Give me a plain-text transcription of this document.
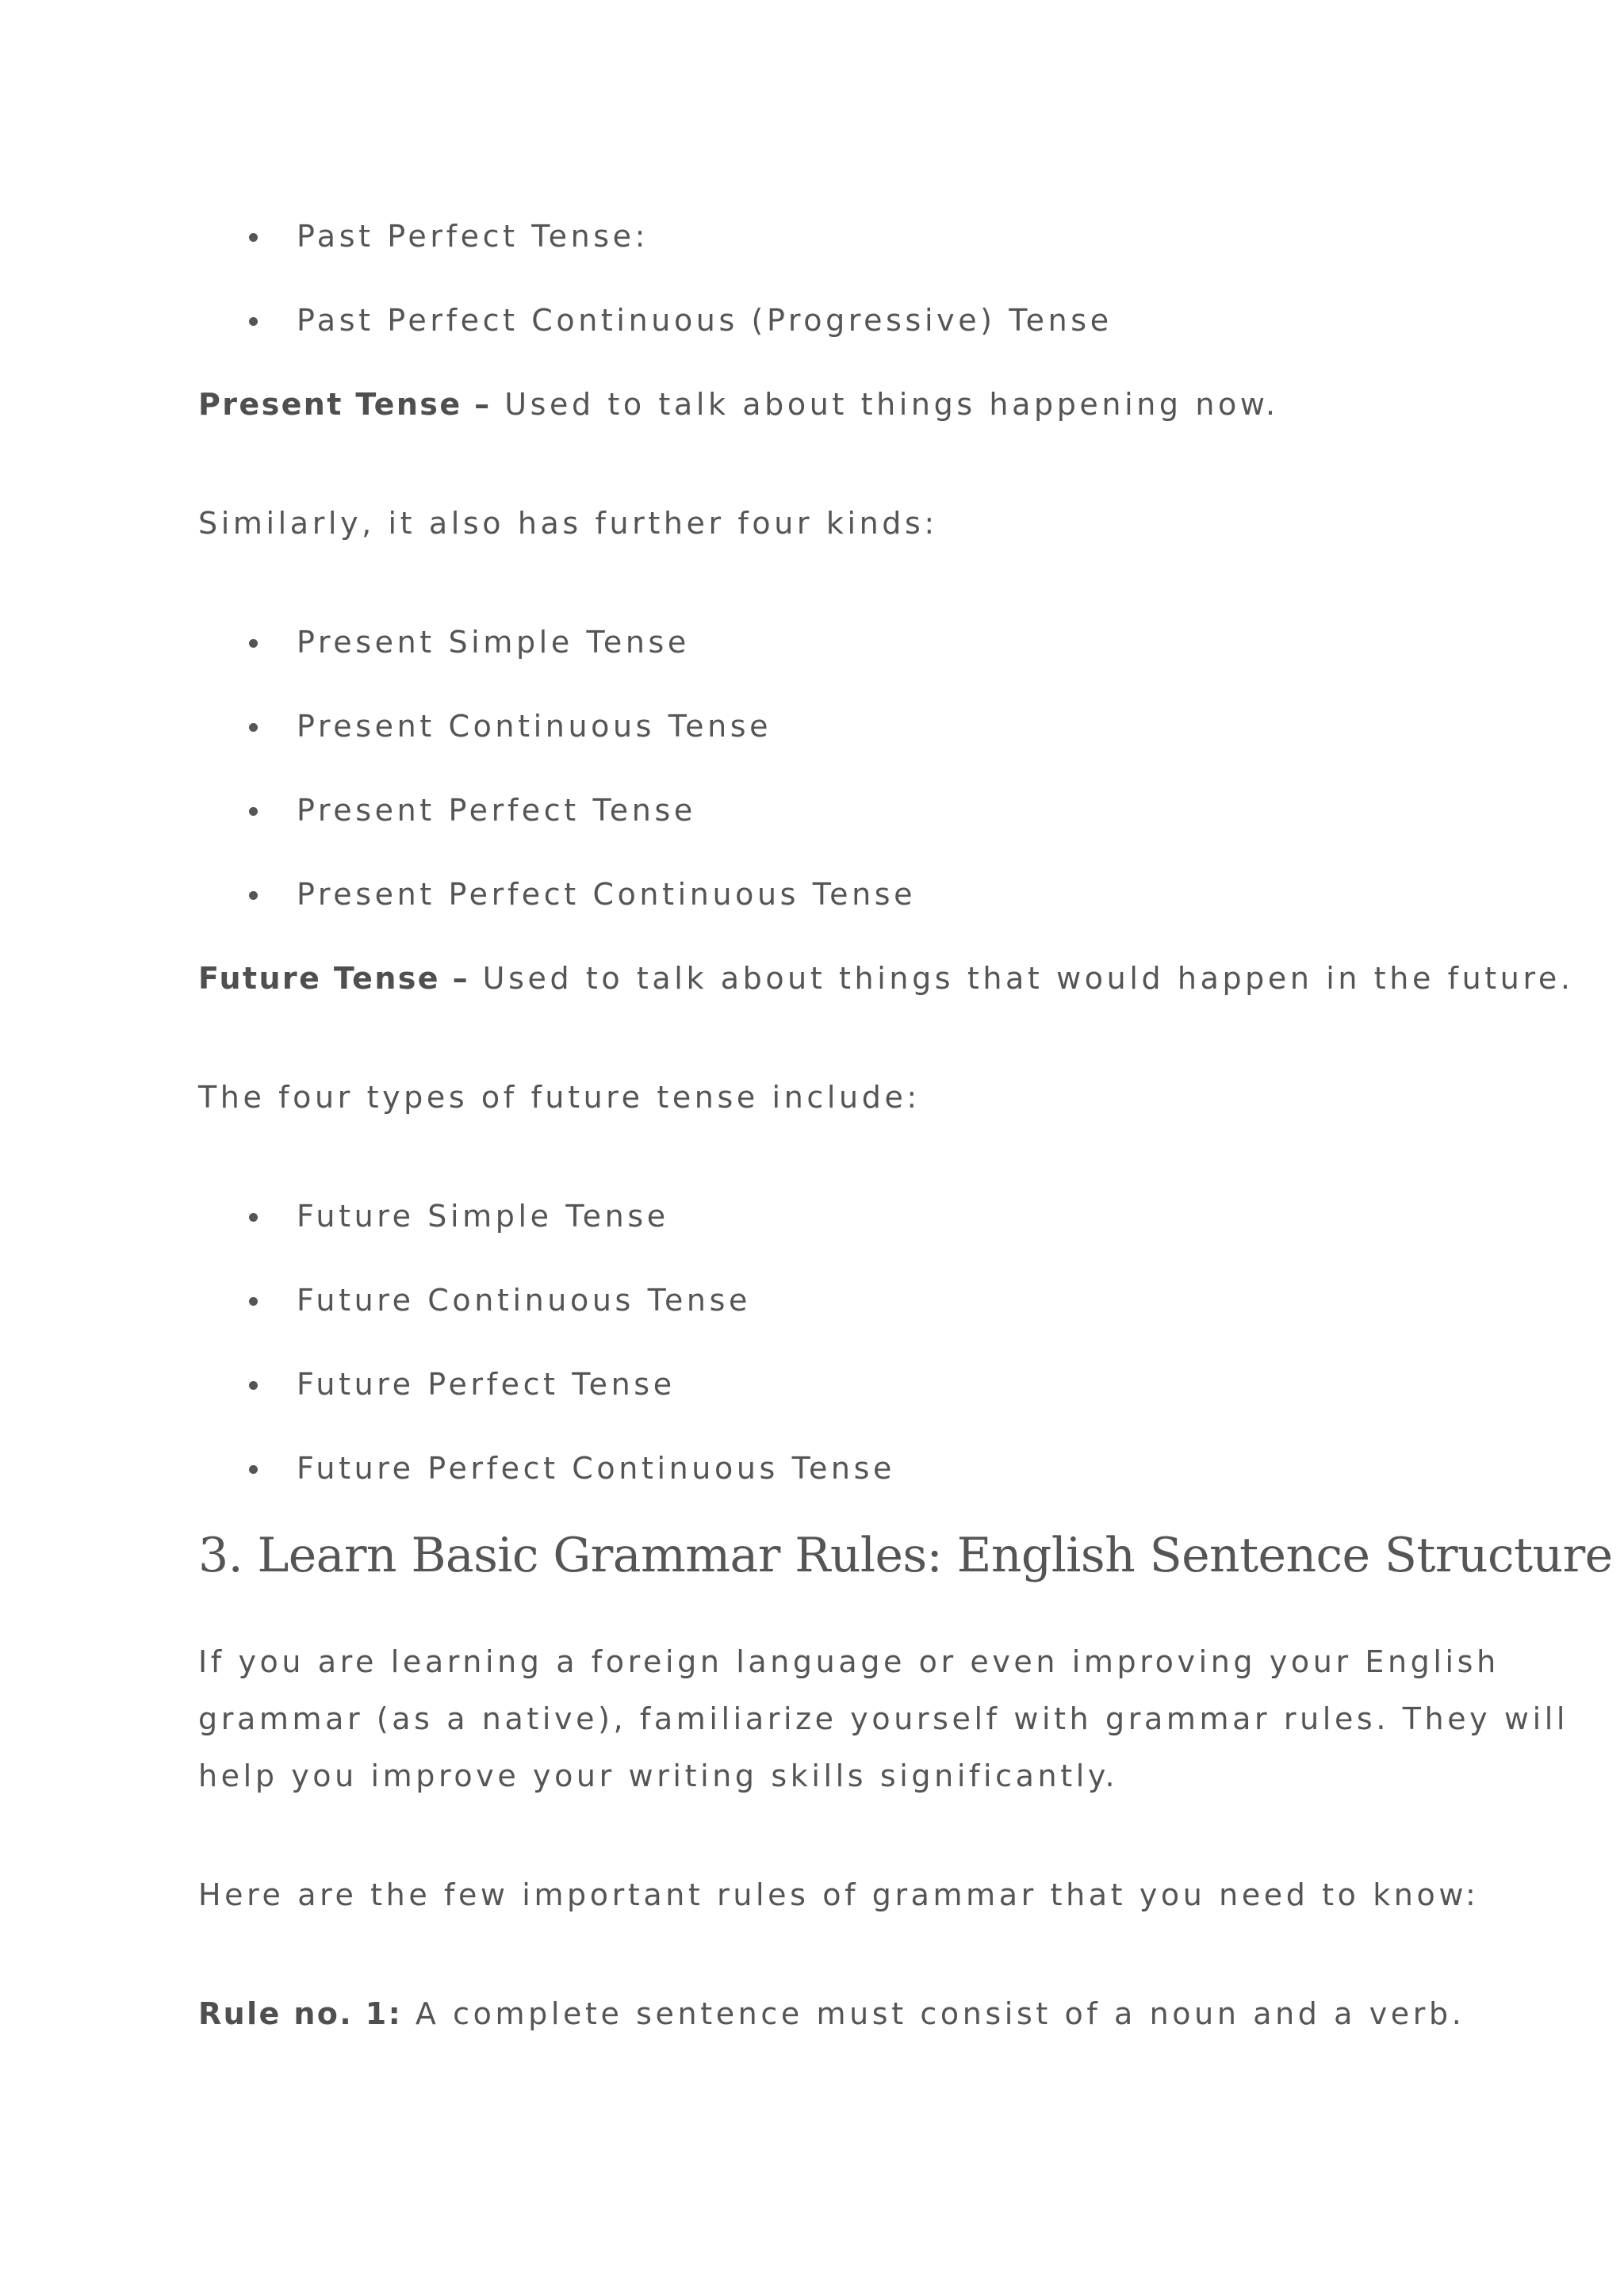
Past Perfect Tense:
Past Perfect Continuous (Progressive) Tense
Present Tense – Used to talk about things happening now.
Similarly, it also has further four kinds:
Present Simple Tense
Present Continuous Tense
Present Perfect Tense
Present Perfect Continuous Tense
Future Tense – Used to talk about things that would happen in the future.
The four types of future tense include:
Future Simple Tense
Future Continuous Tense
Future Perfect Tense
Future Perfect Continuous Tense
3. Learn Basic Grammar Rules: English Sentence Structure
If you are learning a foreign language or even improving your English
grammar (as a native), familiarize yourself with grammar rules. They will
help you improve your writing skills significantly.
Here are the few important rules of grammar that you need to know:
Rule no. 1: A complete sentence must consist of a noun and a verb.
